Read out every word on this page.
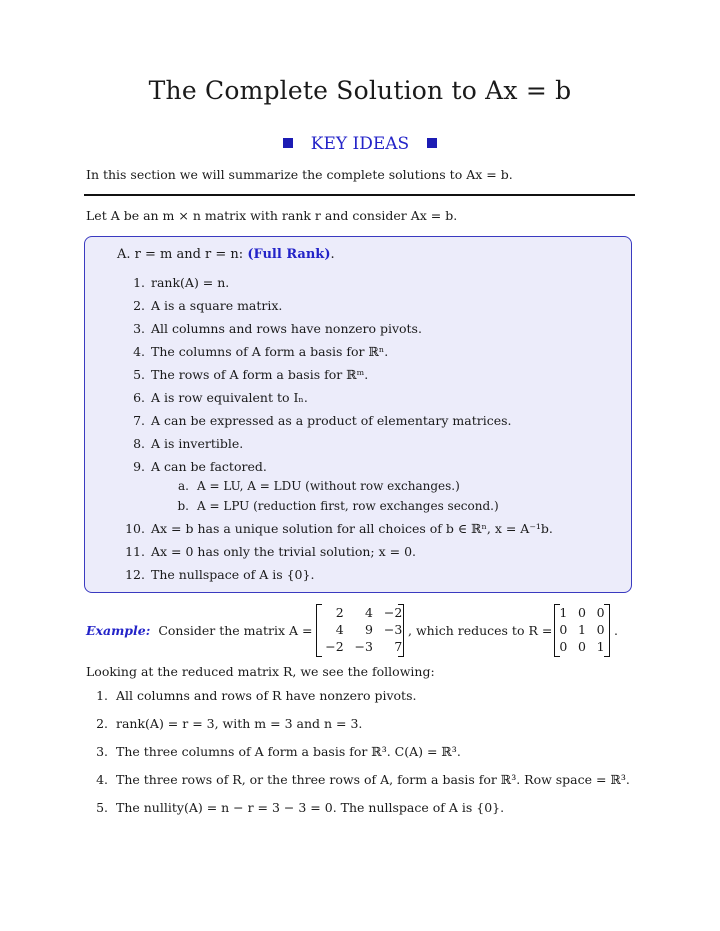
The Complete Solution to Ax = b
KEY IDEAS
In this section we will summarize the complete solutions to Ax = b.
Let A be an m × n matrix with rank r and consider Ax = b.
A. r = m and r = n: (Full Rank).
1. rank(A) = n.
2. A is a square matrix.
3. All columns and rows have nonzero pivots.
4. The columns of A form a basis for ℝⁿ.
5. The rows of A form a basis for ℝᵐ.
6. A is row equivalent to Iₙ.
7. A can be expressed as a product of elementary matrices.
8. A is invertible.
9. A can be factored.
a. A = LU, A = LDU (without row exchanges.)
b. A = LPU (reduction first, row exchanges second.)
10. Ax = b has a unique solution for all choices of b ∈ ℝⁿ, x = A⁻¹b.
11. Ax = 0 has only the trivial solution; x = 0.
12. The nullspace of A is {0}.
Example: Consider the matrix A =
2	4 −2
4	9 −3
−2 −3	7
, which reduces to R =
1 0 0
0 1 0
0 0 1
.
Looking at the reduced matrix R, we see the following:
1. All columns and rows of R have nonzero pivots.
2. rank(A) = r = 3, with m = 3 and n = 3.
3. The three columns of A form a basis for ℝ³. C(A) = ℝ³.
4. The three rows of R, or the three rows of A, form a basis for ℝ³. Row space = ℝ³.
5. The nullity(A) = n − r = 3 − 3 = 0. The nullspace of A is {0}.
